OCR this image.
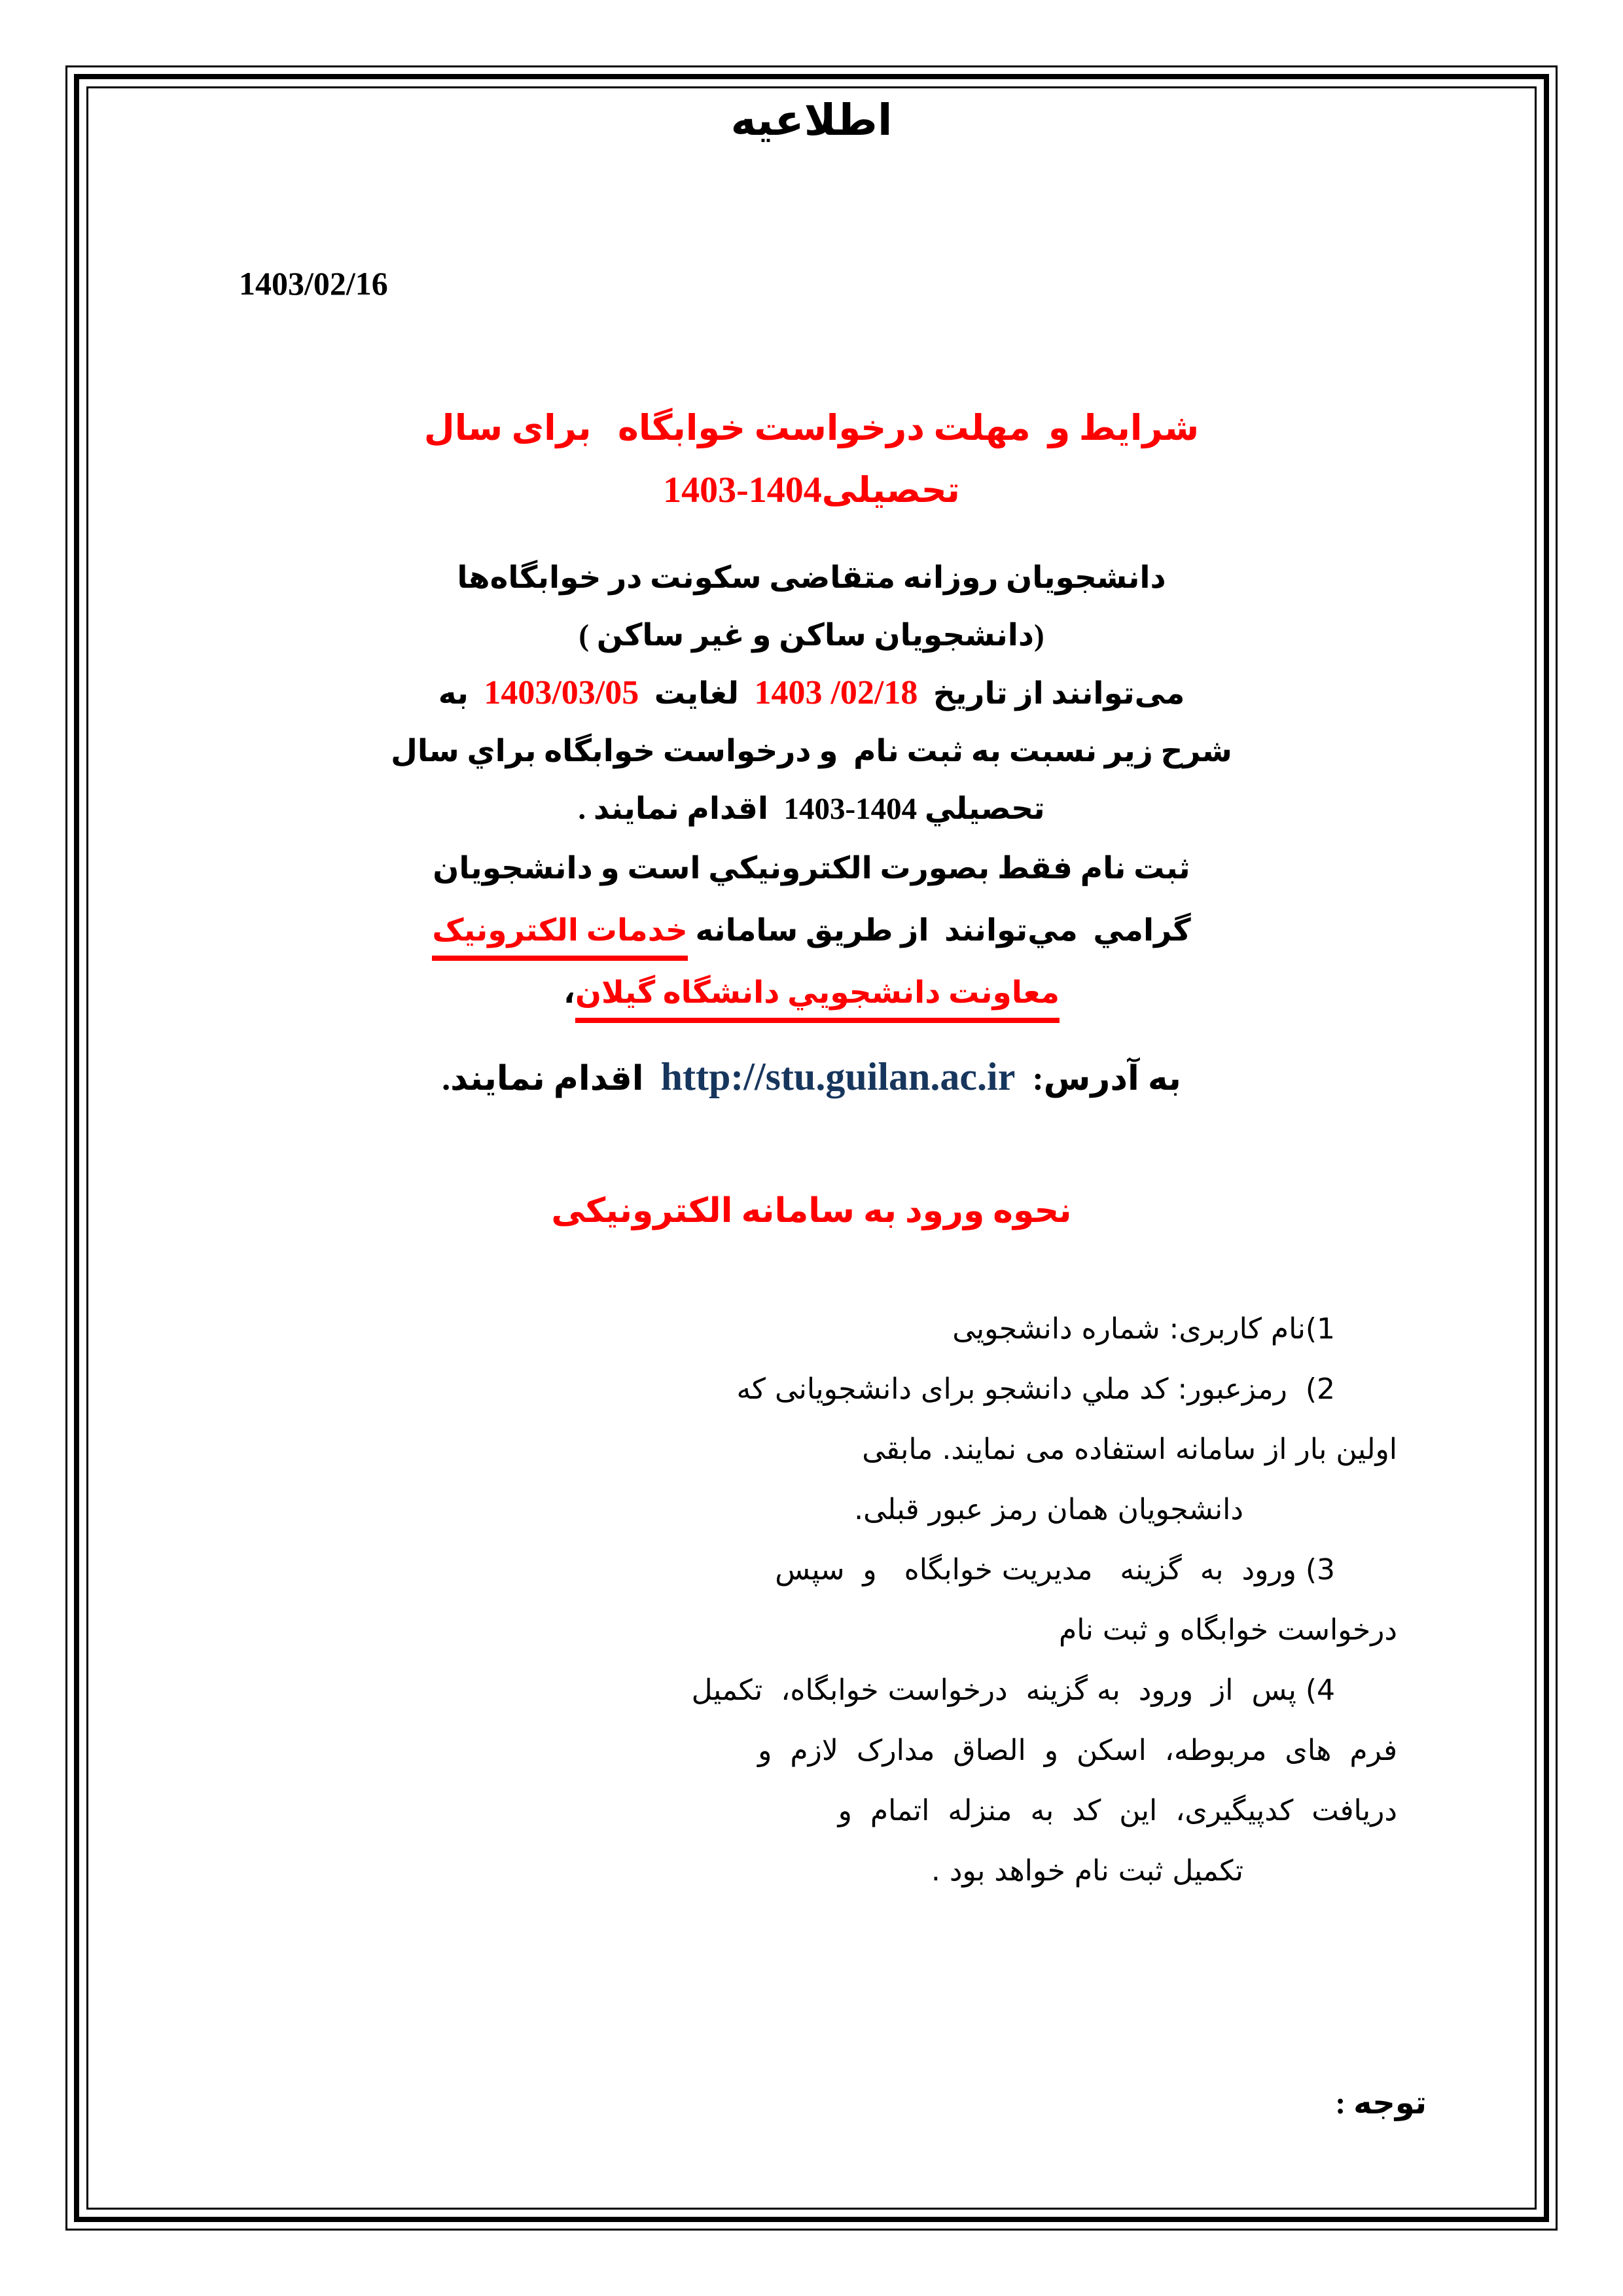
اطلاعیه
1403/02/16
شرایط و  مهلت درخواست خوابگاه   برای سال
تحصیلی1403-1404
دانشجویان روزانه متقاضی سکونت در خوابگاه‌ها
(دانشجویان ساکن و غیر ساکن )
می‌توانند از تاریخ  1403 /02/18  لغایت  1403/03/05  به
شرح زیر نسبت به ثبت نام  و درخواست خوابگاه براي سال
تحصیلي 1403-1404  اقدام نمایند .
ثبت نام فقط بصورت الکترونیکي است و دانشجویان
گرامي  مي‌توانند  از طریق سامانه خدمات الکترونیک
معاونت دانشجویي دانشگاه گیلان،
به آدرس:  http://stu.guilan.ac.ir  اقدام نمایند.
نحوه ورود به سامانه الکترونیکی
1)نام کاربری: شماره دانشجویی
2)  رمزعبور: کد ملي دانشجو برای دانشجویانی که
اولین بار از سامانه استفاده می نمایند. مابقی
دانشجویان همان رمز عبور قبلی.
3) ورود  به  گزینه   مدیریت خوابگاه   و  سپس
درخواست خوابگاه و ثبت نام
4) پس  از  ورود  به گزینه  درخواست خوابگاه،  تکمیل
فرم  های  مربوطه،  اسکن  و  الصاق  مدارک  لازم  و
دریافت  کدپیگیری،  این  کد  به  منزله  اتمام  و
تکمیل ثبت نام خواهد بود .
توجه :
